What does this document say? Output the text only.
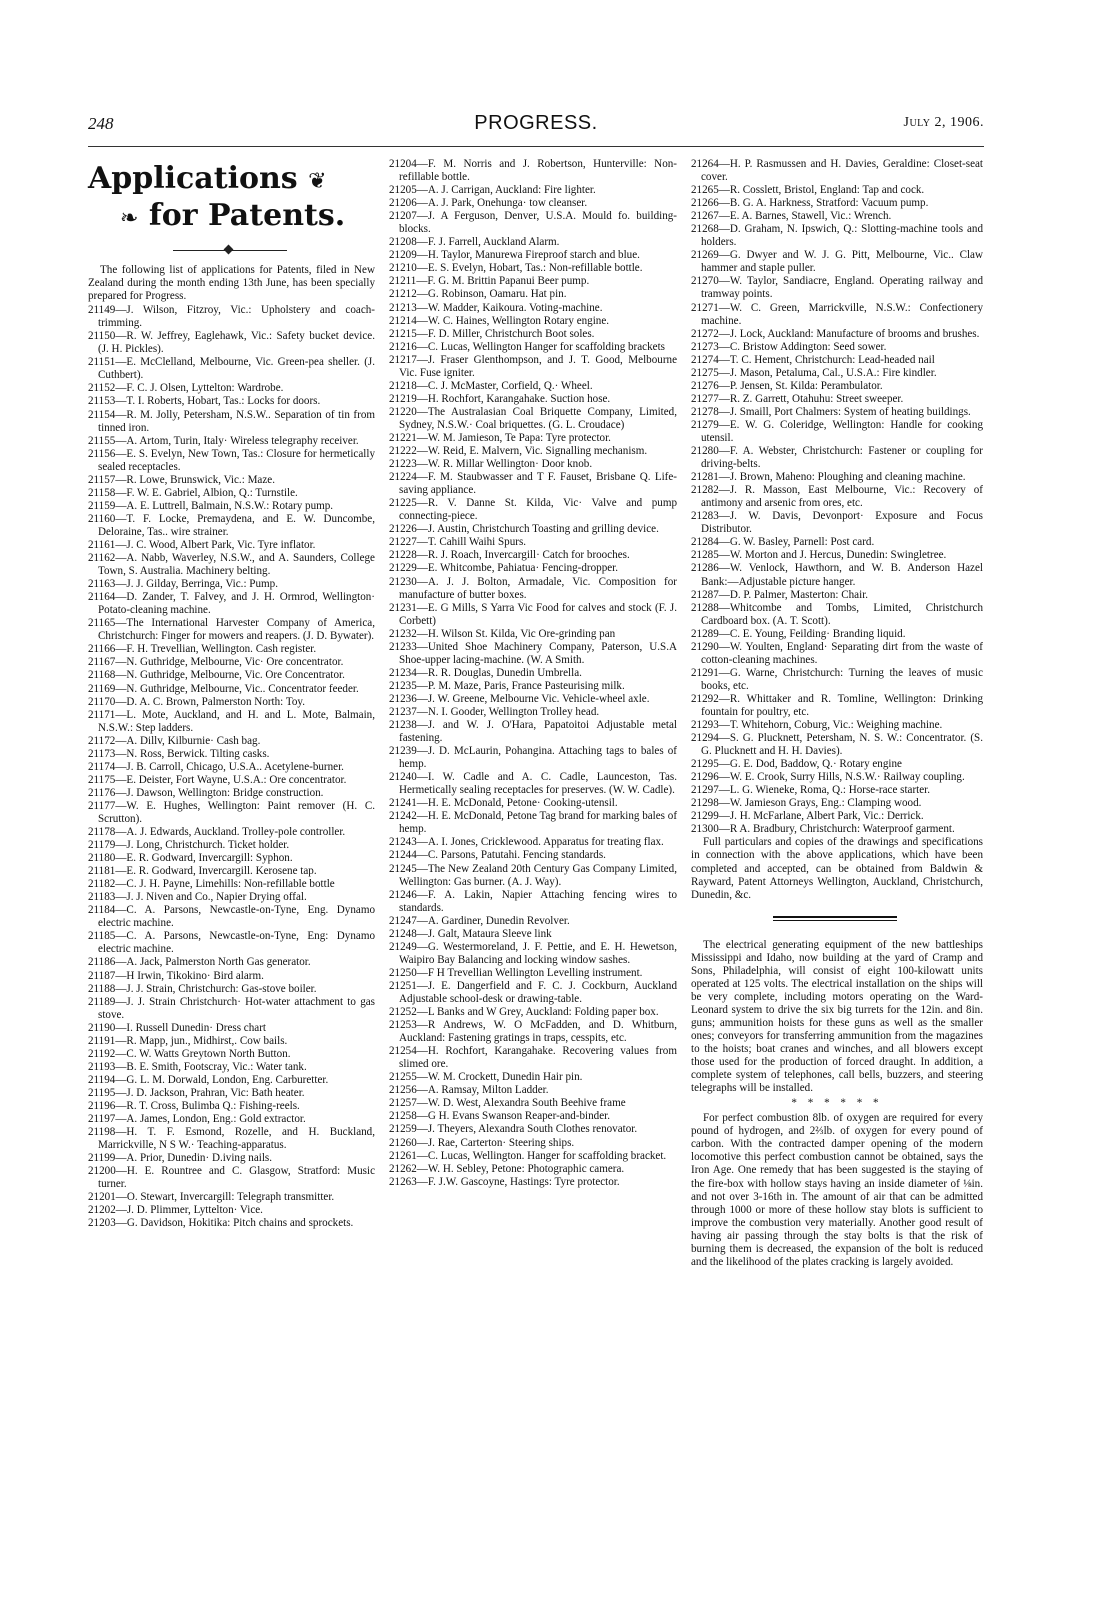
248	PROGRESS.	July 2, 1906.
Applications ❦
❧ for Patents.

The following list of applications for Patents, filed in New Zealand during the month ending 13th June, has been specially prepared for Progress.

21149—J. Wilson, Fitzroy, Vic.: Upholstery and coach-trimming.

21150—R. W. Jeffrey, Eaglehawk, Vic.: Safety bucket device. (J. H. Pickles).

21151—E. McClelland, Melbourne, Vic. Green-pea sheller. (J. Cuthbert).

21152—F. C. J. Olsen, Lyttelton: Wardrobe.

21153—T. I. Roberts, Hobart, Tas.: Locks for doors.

21154—R. M. Jolly, Petersham, N.S.W.. Separation of tin from tinned iron.

21155—A. Artom, Turin, Italy· Wireless telegraphy receiver.

21156—E. S. Evelyn, New Town, Tas.: Closure for hermetically sealed receptacles.

21157—R. Lowe, Brunswick, Vic.: Maze.

21158—F. W. E. Gabriel, Albion, Q.: Turnstile.

21159—A. E. Luttrell, Balmain, N.S.W.: Rotary pump.

21160—T. F. Locke, Premaydena, and E. W. Duncombe, Deloraine, Tas.. wire strainer.

21161—J. C. Wood, Albert Park, Vic. Tyre inflator.

21162—A. Nabb, Waverley, N.S.W., and A. Saunders, College Town, S. Australia. Machinery belting.

21163—J. J. Gilday, Berringa, Vic.: Pump.

21164—D. Zander, T. Falvey, and J. H. Ormrod, Wellington· Potato-cleaning machine.

21165—The International Harvester Company of America, Christchurch: Finger for mowers and reapers. (J. D. Bywater).

21166—F. H. Trevellian, Wellington. Cash register.

21167—N. Guthridge, Melbourne, Vic· Ore concentrator.

21168—N. Guthridge, Melbourne, Vic. Ore Concentrator.

21169—N. Guthridge, Melbourne, Vic.. Concentrator feeder.

21170—D. A. C. Brown, Palmerston North: Toy.

21171—L. Mote, Auckland, and H. and L. Mote, Balmain, N.S.W.: Step ladders.

21172—A. Dillv, Kilburnie· Cash bag.

21173—N. Ross, Berwick. Tilting casks.

21174—J. B. Carroll, Chicago, U.S.A.. Acetylene-burner.

21175—E. Deister, Fort Wayne, U.S.A.: Ore concentrator.

21176—J. Dawson, Wellington: Bridge construction.

21177—W. E. Hughes, Wellington: Paint remover (H. C. Scrutton).

21178—A. J. Edwards, Auckland. Trolley-pole controller.

21179—J. Long, Christchurch. Ticket holder.

21180—E. R. Godward, Invercargill: Syphon.

21181—E. R. Godward, Invercargill. Kerosene tap.

21182—C. J. H. Payne, Limehills: Non-refillable bottle

21183—J. J. Niven and Co., Napier Drying offal.

21184—C. A. Parsons, Newcastle-on-Tyne, Eng. Dynamo electric machine.

21185—C. A. Parsons, Newcastle-on-Tyne, Eng: Dynamo electric machine.

21186—A. Jack, Palmerston North Gas generator.

21187—H Irwin, Tikokino· Bird alarm.

21188—J. J. Strain, Christchurch: Gas-stove boiler.

21189—J. J. Strain Christchurch· Hot-water attachment to gas stove.

21190—I. Russell Dunedin· Dress chart

21191—R. Mapp, jun., Midhirst,. Cow bails.

21192—C. W. Watts Greytown North Button.

21193—B. E. Smith, Footscray, Vic.: Water tank.

21194—G. L. M. Dorwald, London, Eng. Carburetter.

21195—J. D. Jackson, Prahran, Vic: Bath heater.

21196—R. T. Cross, Bulimba Q.: Fishing-reels.

21197—A. James, London, Eng.: Gold extractor.

21198—H. T. F. Esmond, Rozelle, and H. Buckland, Marrickville, N S W.· Teaching-apparatus.

21199—A. Prior, Dunedin· D.iving nails.

21200—H. E. Rountree and C. Glasgow, Stratford: Music turner.

21201—O. Stewart, Invercargill: Telegraph transmitter.

21202—J. D. Plimmer, Lyttelton· Vice.

21203—G. Davidson, Hokitika: Pitch chains and sprockets.

21204—F. M. Norris and J. Robertson, Hunterville: Non-refillable bottle.

21205—A. J. Carrigan, Auckland: Fire lighter.

21206—A. J. Park, Onehunga· tow cleanser.

21207—J. A Ferguson, Denver, U.S.A. Mould fo. building-blocks.

21208—F. J. Farrell, Auckland Alarm.

21209—H. Taylor, Manurewa Fireproof starch and blue.

21210—E. S. Evelyn, Hobart, Tas.: Non-refillable bottle.

21211—F. G. M. Brittin Papanui Beer pump.

21212—G. Robinson, Oamaru. Hat pin.

21213—W. Madder, Kaikoura. Voting-machine.

21214—W. C. Haines, Wellington Rotary engine.

21215—F. D. Miller, Christchurch Boot soles.

21216—C. Lucas, Wellington Hanger for scaffolding brackets

21217—J. Fraser Glenthompson, and J. T. Good, Melbourne Vic. Fuse igniter.

21218—C. J. McMaster, Corfield, Q.· Wheel.

21219—H. Rochfort, Karangahake. Suction hose.

21220—The Australasian Coal Briquette Company, Limited, Sydney, N.S.W.· Coal briquettes. (G. L. Croudace)

21221—W. M. Jamieson, Te Papa: Tyre protector.

21222—W. Reid, E. Malvern, Vic. Signalling mechanism.

21223—W. R. Millar Wellington· Door knob.

21224—F. M. Staubwasser and T F. Fauset, Brisbane Q. Life-saving appliance.

21225—R. V. Danne St. Kilda, Vic· Valve and pump connecting-piece.

21226—J. Austin, Christchurch Toasting and grilling device.

21227—T. Cahill Waihi Spurs.

21228—R. J. Roach, Invercargill· Catch for brooches.

21229—E. Whitcombe, Pahiatua· Fencing-dropper.

21230—A. J. J. Bolton, Armadale, Vic. Composition for manufacture of butter boxes.

21231—E. G Mills, S Yarra Vic Food for calves and stock (F. J. Corbett)

21232—H. Wilson St. Kilda, Vic Ore-grinding pan

21233—United Shoe Machinery Company, Paterson, U.S.A Shoe-upper lacing-machine. (W. A Smith.

21234—R. R. Douglas, Dunedin Umbrella.

21235—P. M. Maze, Paris, France Pasteurising milk.

21236—J. W. Greene, Melbourne Vic. Vehicle-wheel axle.

21237—N. I. Gooder, Wellington Trolley head.

21238—J. and W. J. O'Hara, Papatoitoi Adjustable metal fastening.

21239—J. D. McLaurin, Pohangina. Attaching tags to bales of hemp.

21240—I. W. Cadle and A. C. Cadle, Launceston, Tas. Hermetically sealing receptacles for preserves. (W. W. Cadle).

21241—H. E. McDonald, Petone· Cooking-utensil.

21242—H. E. McDonald, Petone Tag brand for marking bales of hemp.

21243—A. I. Jones, Cricklewood. Apparatus for treating flax.

21244—C. Parsons, Patutahi. Fencing standards.

21245—The New Zealand 20th Century Gas Company Limited, Wellington: Gas burner. (A. J. Way).

21246—F. A. Lakin, Napier Attaching fencing wires to standards.

21247—A. Gardiner, Dunedin Revolver.

21248—J. Galt, Mataura Sleeve link

21249—G. Westermoreland, J. F. Pettie, and E. H. Hewetson, Waipiro Bay Balancing and locking window sashes.

21250—F H Trevellian Wellington Levelling instrument.

21251—J. E. Dangerfield and F. C. J. Cockburn, Auckland Adjustable school-desk or drawing-table.

21252—L Banks and W Grey, Auckland: Folding paper box.

21253—R Andrews, W. O McFadden, and D. Whitburn, Auckland: Fastening gratings in traps, cesspits, etc.

21254—H. Rochfort, Karangahake. Recovering values from slimed ore.

21255—W. M. Crockett, Dunedin Hair pin.

21256—A. Ramsay, Milton Ladder.

21257—W. D. West, Alexandra South Beehive frame

21258—G H. Evans Swanson Reaper-and-binder.

21259—J. Theyers, Alexandra South Clothes renovator.

21260—J. Rae, Carterton· Steering ships.

21261—C. Lucas, Wellington. Hanger for scaffolding bracket.

21262—W. H. Sebley, Petone: Photographic camera.

21263—F. J.W. Gascoyne, Hastings: Tyre protector.

21264—H. P. Rasmussen and H. Davies, Geraldine: Closet-seat cover.

21265—R. Cosslett, Bristol, England: Tap and cock.

21266—B. G. A. Harkness, Stratford: Vacuum pump.

21267—E. A. Barnes, Stawell, Vic.: Wrench.

21268—D. Graham, N. Ipswich, Q.: Slotting-machine tools and holders.

21269—G. Dwyer and W. J. G. Pitt, Melbourne, Vic.. Claw hammer and staple puller.

21270—W. Taylor, Sandiacre, England. Operating railway and tramway points.

21271—W. C. Green, Marrickville, N.S.W.: Confectionery machine.

21272—J. Lock, Auckland: Manufacture of brooms and brushes.

21273—C. Bristow Addington: Seed sower.

21274—T. C. Hement, Christchurch: Lead-headed nail

21275—J. Mason, Petaluma, Cal., U.S.A.: Fire kindler.

21276—P. Jensen, St. Kilda: Perambulator.

21277—R. Z. Garrett, Otahuhu: Street sweeper.

21278—J. Smaill, Port Chalmers: System of heating buildings.

21279—E. W. G. Coleridge, Wellington: Handle for cooking utensil.

21280—F. A. Webster, Christchurch: Fastener or coupling for driving-belts.

21281—J. Brown, Maheno: Ploughing and cleaning machine.

21282—J. R. Masson, East Melbourne, Vic.: Recovery of antimony and arsenic from ores, etc.

21283—J. W. Davis, Devonport· Exposure and Focus Distributor.

21284—G. W. Basley, Parnell: Post card.

21285—W. Morton and J. Hercus, Dunedin: Swingletree.

21286—W. Venlock, Hawthorn, and W. B. Anderson Hazel Bank:—Adjustable picture hanger.

21287—D. P. Palmer, Masterton: Chair.

21288—Whitcombe and Tombs, Limited, Christchurch Cardboard box. (A. T. Scott).

21289—C. E. Young, Feilding· Branding liquid.

21290—W. Youlten, England· Separating dirt from the waste of cotton-cleaning machines.

21291—G. Warne, Christchurch: Turning the leaves of music books, etc.

21292—R. Whittaker and R. Tomline, Wellington: Drinking fountain for poultry, etc.

21293—T. Whitehorn, Coburg, Vic.: Weighing machine.

21294—S. G. Plucknett, Petersham, N. S. W.: Concentrator. (S. G. Plucknett and H. H. Davies).

21295—G. E. Dod, Baddow, Q.· Rotary engine

21296—W. E. Crook, Surry Hills, N.S.W.· Railway coupling.

21297—L. G. Wieneke, Roma, Q.: Horse-race starter.

21298—W. Jamieson Grays, Eng.: Clamping wood.

21299—J. H. McFarlane, Albert Park, Vic.: Derrick.

21300—R A. Bradbury, Christchurch: Waterproof garment.

Full particulars and copies of the drawings and specifications in connection with the above applications, which have been completed and accepted, can be obtained from Baldwin & Rayward, Patent Attorneys Wellington, Auckland, Christchurch, Dunedin, &c.

The electrical generating equipment of the new battleships Mississippi and Idaho, now building at the yard of Cramp and Sons, Philadelphia, will consist of eight 100-kilowatt units operated at 125 volts. The electrical installation on the ships will be very complete, including motors operating on the Ward-Leonard system to drive the six big turrets for the 12in. and 8in. guns; ammunition hoists for these guns as well as the smaller ones; conveyors for transferring ammunition from the magazines to the hoists; boat cranes and winches, and all blowers except those used for the production of forced draught. In addition, a complete system of telephones, call bells, buzzers, and steering telegraphs will be installed.

* * * * * *

For perfect combustion 8lb. of oxygen are required for every pound of hydrogen, and 2⅔lb. of oxygen for every pound of carbon. With the contracted damper opening of the modern locomotive this perfect combustion cannot be obtained, says the Iron Age. One remedy that has been suggested is the staying of the fire-box with hollow stays having an inside diameter of ⅛in. and not over 3-16th in. The amount of air that can be admitted through 1000 or more of these hollow stay blots is sufficient to improve the combustion very materially. Another good result of having air passing through the stay bolts is that the risk of burning them is decreased, the expansion of the bolt is reduced and the likelihood of the plates cracking is largely avoided.
